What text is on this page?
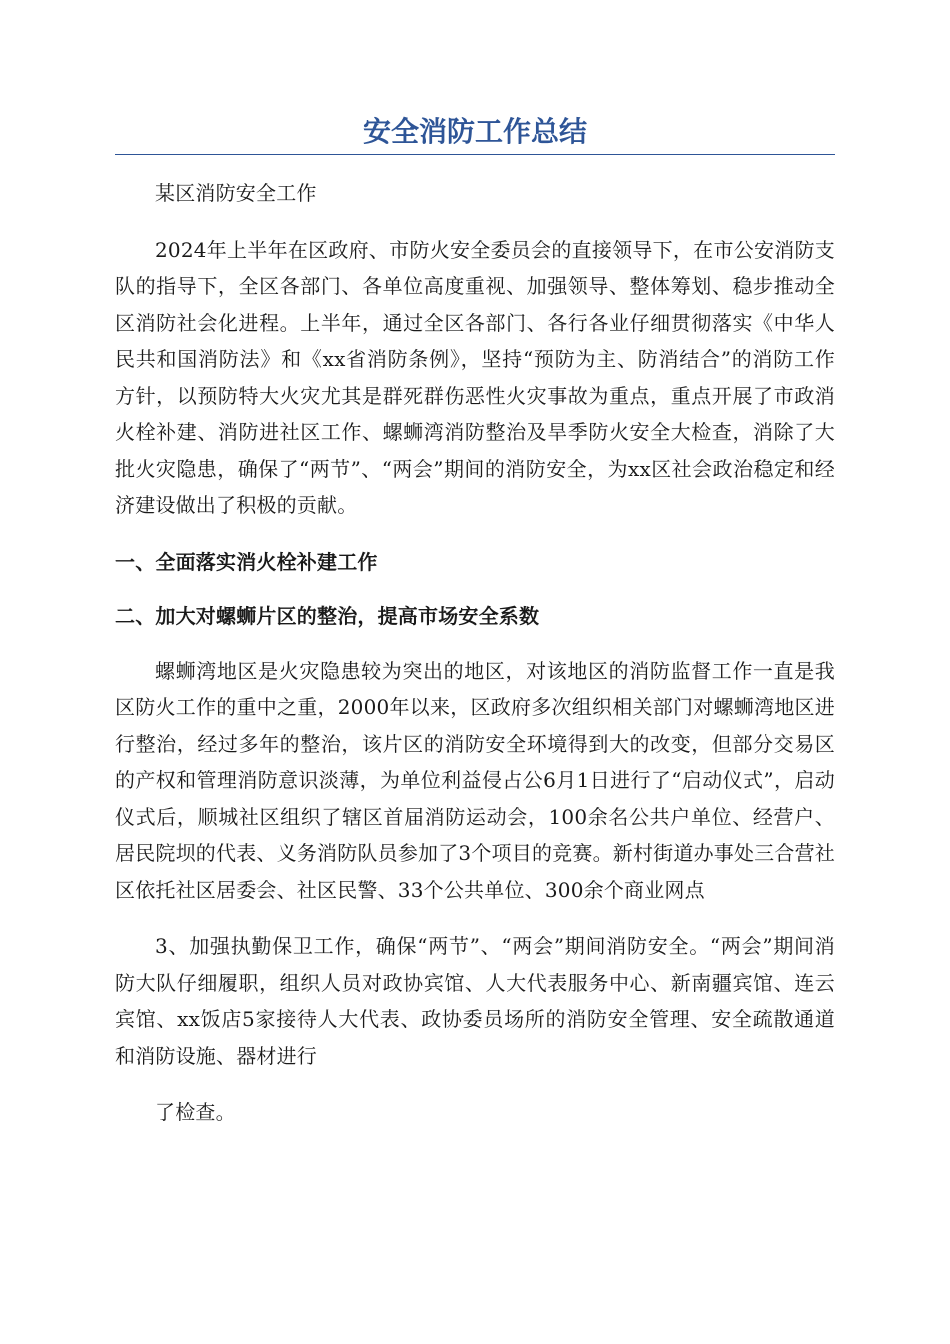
安全消防工作总结

某区消防安全工作

2024年上半年在区政府、市防火安全委员会的直接领导下，在市公安消防支队的指导下，全区各部门、各单位高度重视、加强领导、整体筹划、稳步推动全区消防社会化进程。上半年，通过全区各部门、各行各业仔细贯彻落实《中华人民共和国消防法》和《xx省消防条例》，坚持“预防为主、防消结合”的消防工作方针，以预防特大火灾尤其是群死群伤恶性火灾事故为重点，重点开展了市政消火栓补建、消防进社区工作、螺蛳湾消防整治及旱季防火安全大检查，消除了大批火灾隐患，确保了“两节”、“两会”期间的消防安全，为xx区社会政治稳定和经济建设做出了积极的贡献。

一、全面落实消火栓补建工作

二、加大对螺蛳片区的整治，提高市场安全系数

螺蛳湾地区是火灾隐患较为突出的地区，对该地区的消防监督工作一直是我区防火工作的重中之重，2000年以来，区政府多次组织相关部门对螺蛳湾地区进行整治，经过多年的整治，该片区的消防安全环境得到大的改变，但部分交易区的产权和管理消防意识淡薄，为单位利益侵占公6月1日进行了“启动仪式”，启动仪式后，顺城社区组织了辖区首届消防运动会，100余名公共户单位、经营户、居民院坝的代表、义务消防队员参加了3个项目的竞赛。新村街道办事处三合营社区依托社区居委会、社区民警、33个公共单位、300余个商业网点

3、加强执勤保卫工作，确保“两节”、“两会”期间消防安全。“两会”期间消防大队仔细履职，组织人员对政协宾馆、人大代表服务中心、新南疆宾馆、连云宾馆、xx饭店5家接待人大代表、政协委员场所的消防安全管理、安全疏散通道和消防设施、器材进行

了检查。
